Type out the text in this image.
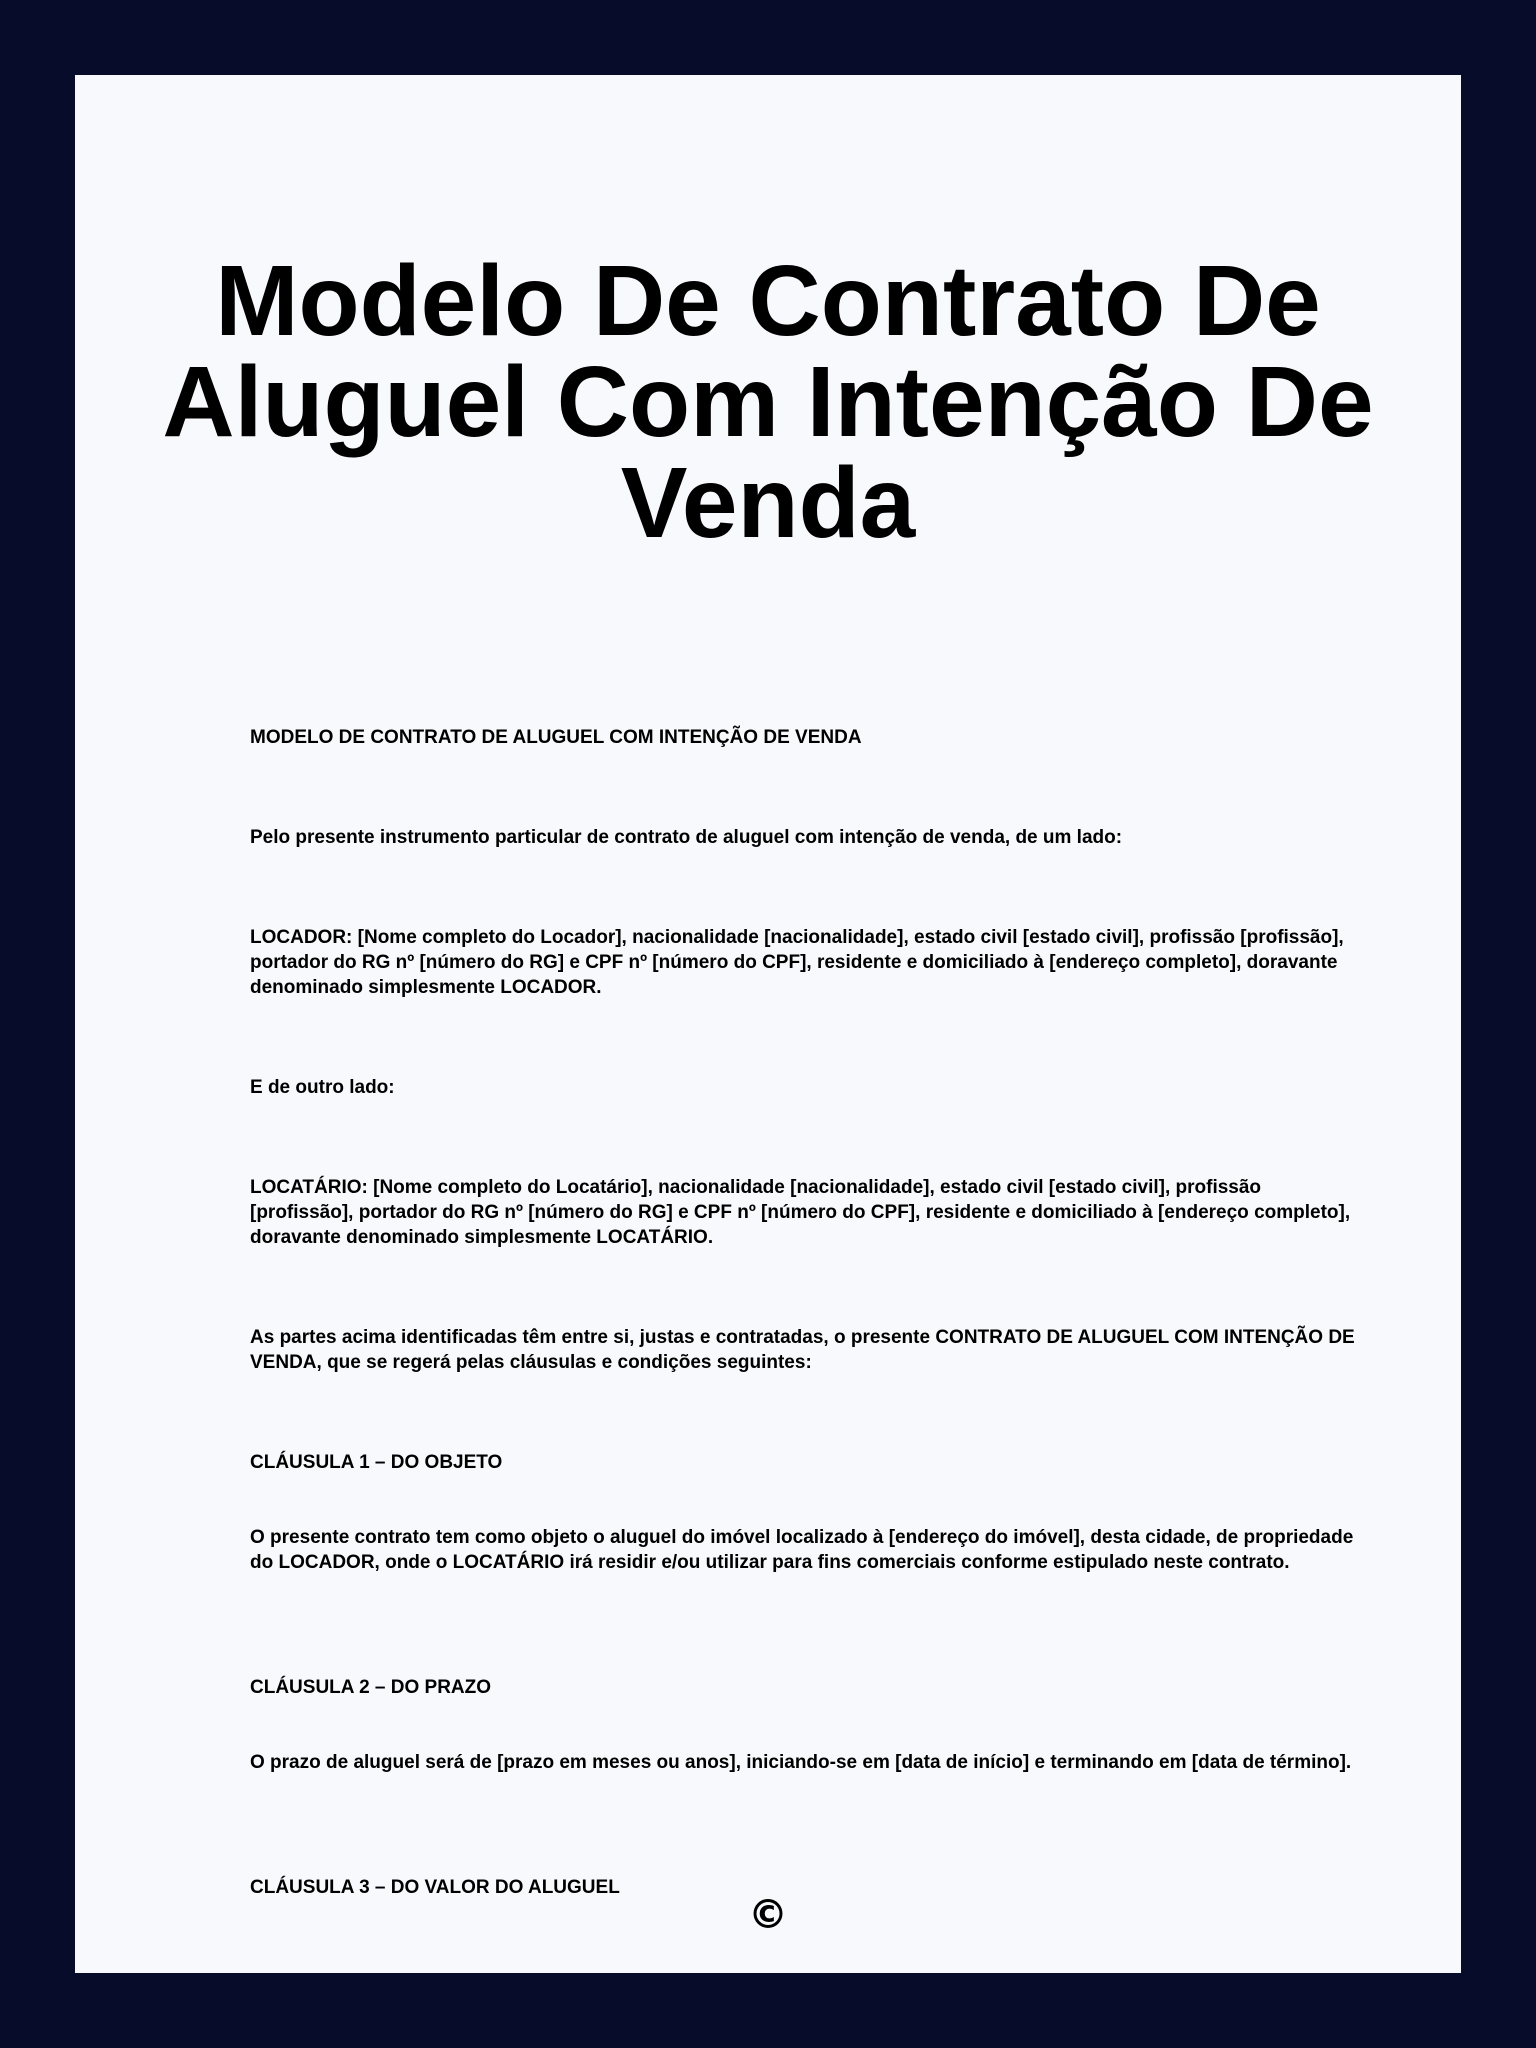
Modelo De Contrato De Aluguel Com Intenção De Venda

MODELO DE CONTRATO DE ALUGUEL COM INTENÇÃO DE VENDA

Pelo presente instrumento particular de contrato de aluguel com intenção de venda, de um lado:

LOCADOR: [Nome completo do Locador], nacionalidade [nacionalidade], estado civil [estado civil], profissão [profissão], portador do RG nº [número do RG] e CPF nº [número do CPF], residente e domiciliado à [endereço completo], doravante denominado simplesmente LOCADOR.

E de outro lado:

LOCATÁRIO: [Nome completo do Locatário], nacionalidade [nacionalidade], estado civil [estado civil], profissão [profissão], portador do RG nº [número do RG] e CPF nº [número do CPF], residente e domiciliado à [endereço completo], doravante denominado simplesmente LOCATÁRIO.

As partes acima identificadas têm entre si, justas e contratadas, o presente CONTRATO DE ALUGUEL COM INTENÇÃO DE VENDA, que se regerá pelas cláusulas e condições seguintes:

CLÁUSULA 1 – DO OBJETO

O presente contrato tem como objeto o aluguel do imóvel localizado à [endereço do imóvel], desta cidade, de propriedade do LOCADOR, onde o LOCATÁRIO irá residir e/ou utilizar para fins comerciais conforme estipulado neste contrato.

CLÁUSULA 2 – DO PRAZO

O prazo de aluguel será de [prazo em meses ou anos], iniciando-se em [data de início] e terminando em [data de término].

CLÁUSULA 3 – DO VALOR DO ALUGUEL

©
